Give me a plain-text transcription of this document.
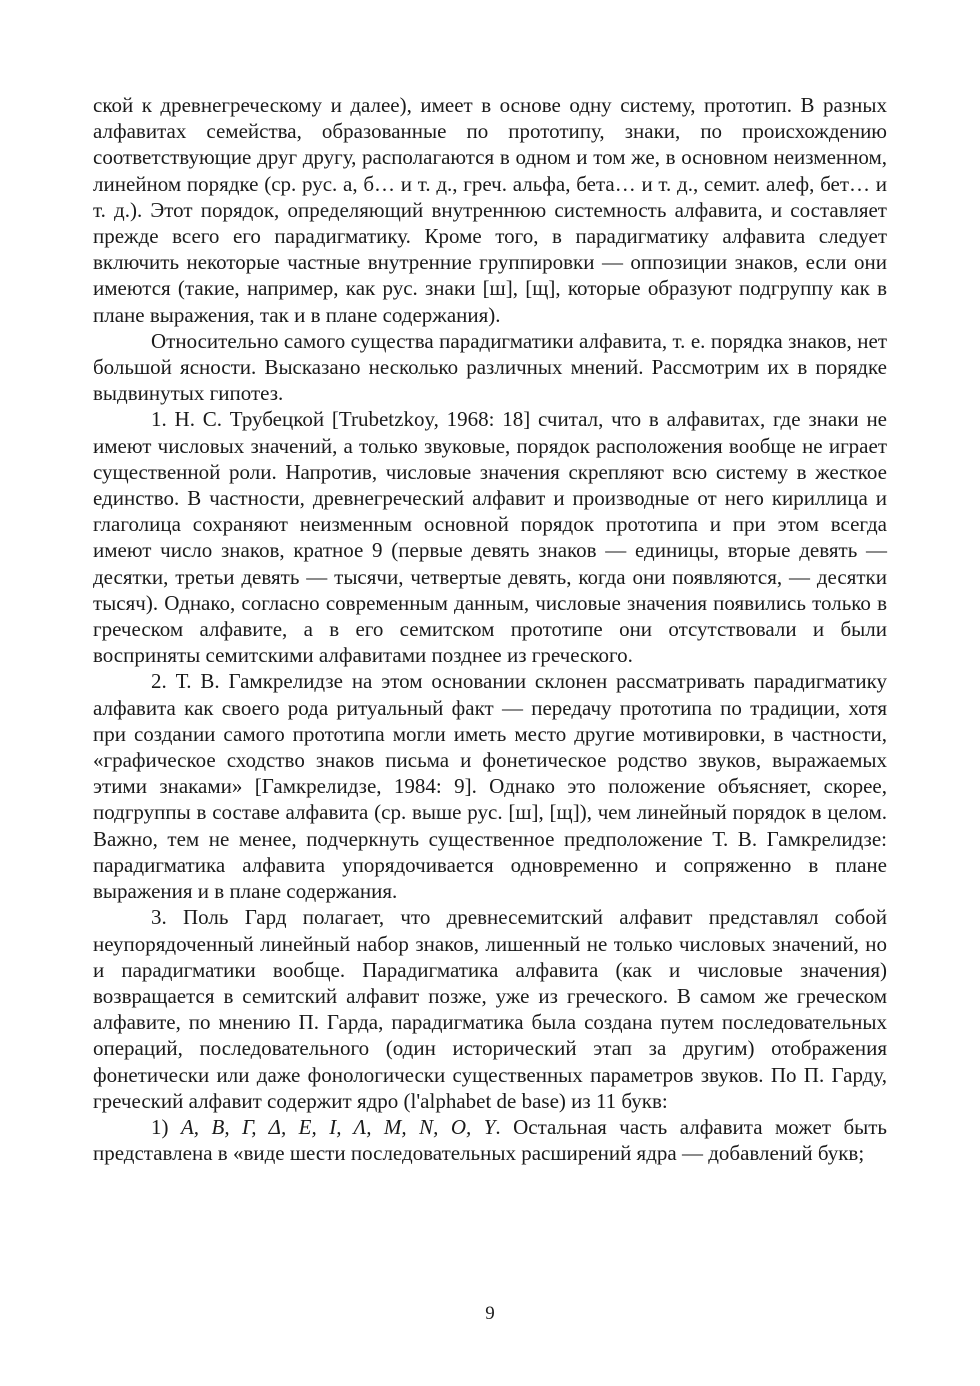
ской к древнегреческому и далее), имеет в основе одну систему, прототип. В разных алфавитах семейства, образованные по прототипу, знаки, по происхождению соответствующие друг другу, располагаются в одном и том же, в основном неизменном, линейном порядке (ср. рус. а, б… и т. д., греч. альфа, бета… и т. д., семит. алеф, бет… и т. д.). Этот порядок, определяющий внутреннюю системность алфавита, и составляет прежде всего его парадигматику. Кроме того, в парадигматику алфавита следует включить некоторые частные внутренние группировки — оппозиции знаков, если они имеются (такие, например, как рус. знаки [ш], [щ], которые образуют подгруппу как в плане выражения, так и в плане содержания).

Относительно самого существа парадигматики алфавита, т. е. порядка знаков, нет большой ясности. Высказано несколько различных мнений. Рассмотрим их в порядке выдвинутых гипотез.

1. Н. С. Трубецкой [Trubetzkoy, 1968: 18] считал, что в алфавитах, где знаки не имеют числовых значений, а только звуковые, порядок расположения вообще не играет существенной роли. Напротив, числовые значения скрепляют всю систему в жесткое единство. В частности, древнегреческий алфавит и производные от него кириллица и глаголица сохраняют неизменным основной порядок прототипа и при этом всегда имеют число знаков, кратное 9 (первые девять знаков — единицы, вторые девять — десятки, третьи девять — тысячи, четвертые девять, когда они появляются, — десятки тысяч). Однако, согласно современным данным, числовые значения появились только в греческом алфавите, а в его семитском прототипе они отсутствовали и были восприняты семитскими алфавитами позднее из греческого.

2. Т. В. Гамкрелидзе на этом основании склонен рассматривать парадигматику алфавита как своего рода ритуальный факт — передачу прототипа по традиции, хотя при создании самого прототипа могли иметь место другие мотивировки, в частности, «графическое сходство знаков письма и фонетическое родство звуков, выражаемых этими знаками» [Гамкрелидзе, 1984: 9]. Однако это положение объясняет, скорее, подгруппы в составе алфавита (ср. выше рус. [ш], [щ]), чем линейный порядок в целом. Важно, тем не менее, подчеркнуть существенное предположение Т. В. Гамкрелидзе: парадигматика алфавита упорядочивается одновременно и сопряженно в плане выражения и в плане содержания.

3. Поль Гард полагает, что древнесемитский алфавит представлял собой неупорядоченный линейный набор знаков, лишенный не только числовых значений, но и парадигматики вообще. Парадигматика алфавита (как и числовые значения) возвращается в семитский алфавит позже, уже из греческого. В самом же греческом алфавите, по мнению П. Гарда, парадигматика была создана путем последовательных операций, последовательного (один исторический этап за другим) отображения фонетически или даже фонологически существенных параметров звуков. По П. Гарду, греческий алфавит содержит ядро (l'alphabet de base) из 11 букв:

1) Α, Β, Γ, Δ, Ε, Ι, Λ, Μ, Ν, Ο, Υ. Остальная часть алфавита может быть представлена в «виде шести последовательных расширений ядра — добавлений букв;

9
